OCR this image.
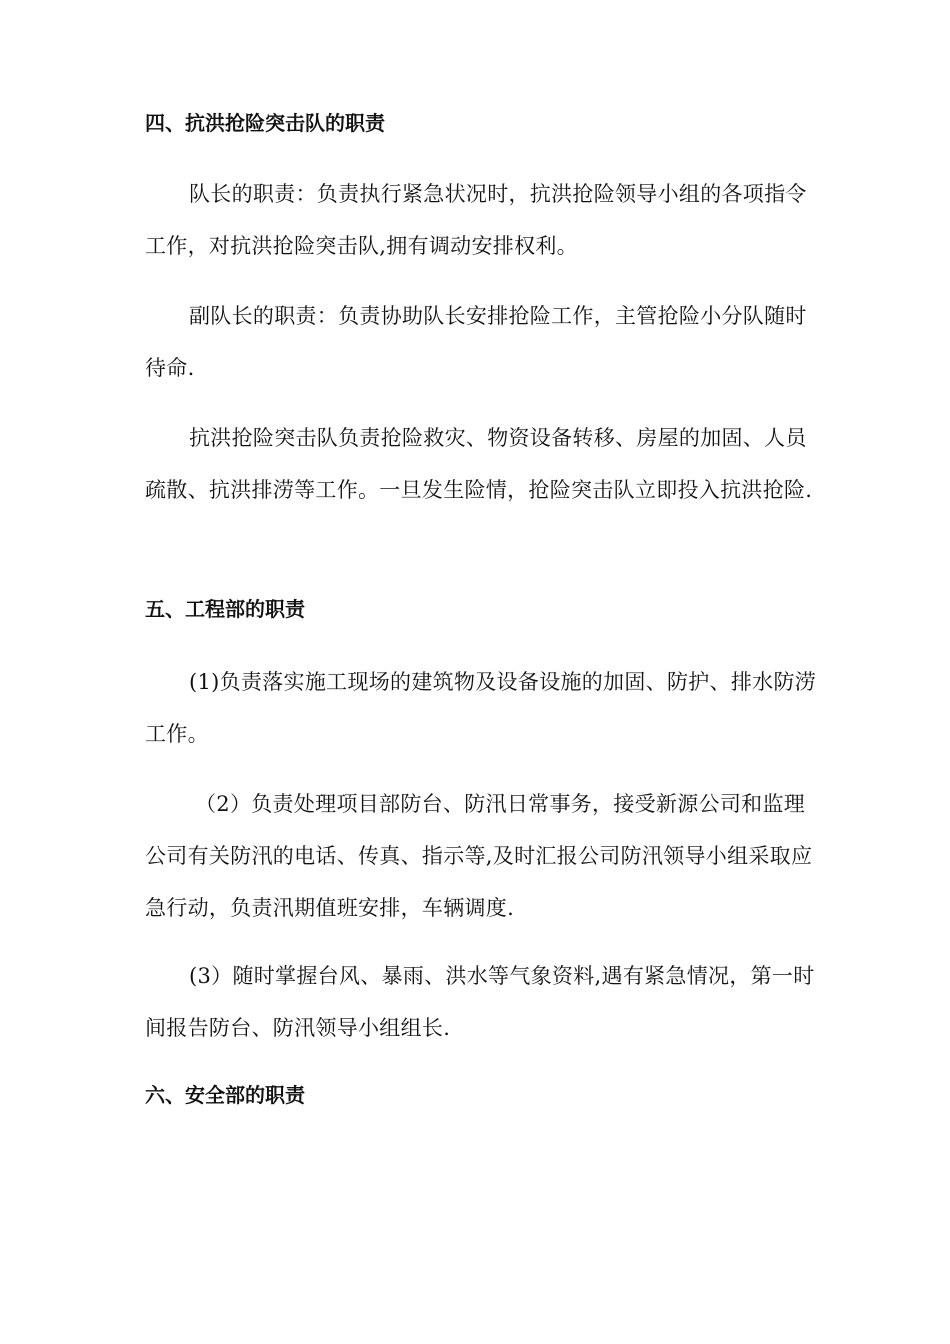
四、抗洪抢险突击队的职责
队长的职责：负责执行紧急状况时，抗洪抢险领导小组的各项指令工作，对抗洪抢险突击队,拥有调动安排权利。
副队长的职责：负责协助队长安排抢险工作，主管抢险小分队随时待命.
抗洪抢险突击队负责抢险救灾、物资设备转移、房屋的加固、人员疏散、抗洪排涝等工作。一旦发生险情，抢险突击队立即投入抗洪抢险.
五、工程部的职责
(1)负责落实施工现场的建筑物及设备设施的加固、防护、排水防涝工作。
（2）负责处理项目部防台、防汛日常事务，接受新源公司和监理公司有关防汛的电话、传真、指示等,及时汇报公司防汛领导小组采取应急行动，负责汛期值班安排，车辆调度.
(3）随时掌握台风、暴雨、洪水等气象资料,遇有紧急情况，第一时间报告防台、防汛领导小组组长.
六、安全部的职责
